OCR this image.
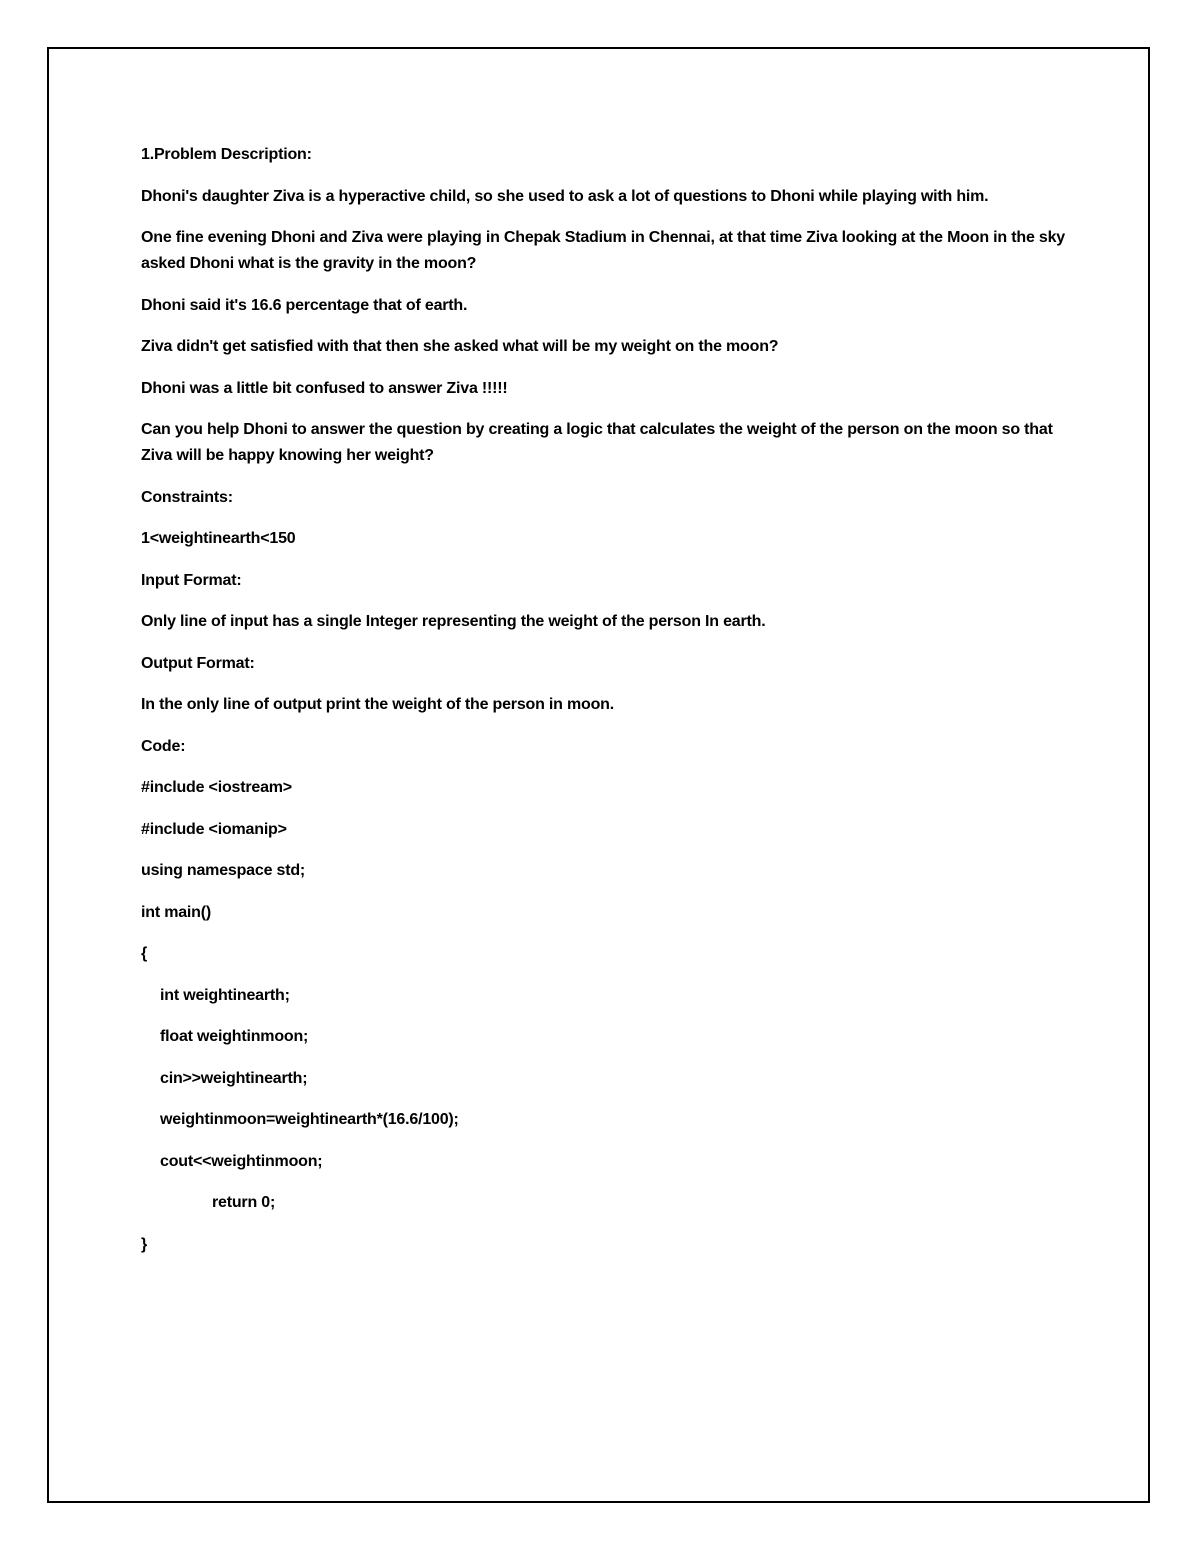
1.Problem Description:
Dhoni's daughter Ziva is a hyperactive child, so she used to ask a lot of questions to Dhoni while playing with him.
One fine evening Dhoni and Ziva were playing in Chepak Stadium in Chennai, at that time Ziva looking at the Moon in the sky asked Dhoni what is the gravity in the moon?
Dhoni said it's 16.6 percentage that of earth.
Ziva didn't get satisfied with that then she asked what will be my weight on the moon?
Dhoni was a little bit confused to answer Ziva !!!!!
Can you help Dhoni to answer the question by creating a logic that calculates the weight of the person on the moon so that Ziva will be happy knowing her weight?
Constraints:
1<weightinearth<150
Input Format:
Only line of input has a single Integer representing the weight of the person In earth.
Output Format:
In the only line of output print the weight of the person in moon.
Code:
#include <iostream>
#include <iomanip>
using namespace std;
int main()
{
int weightinearth;
float weightinmoon;
cin>>weightinearth;
weightinmoon=weightinearth*(16.6/100);
cout<<weightinmoon;
return 0;
}
